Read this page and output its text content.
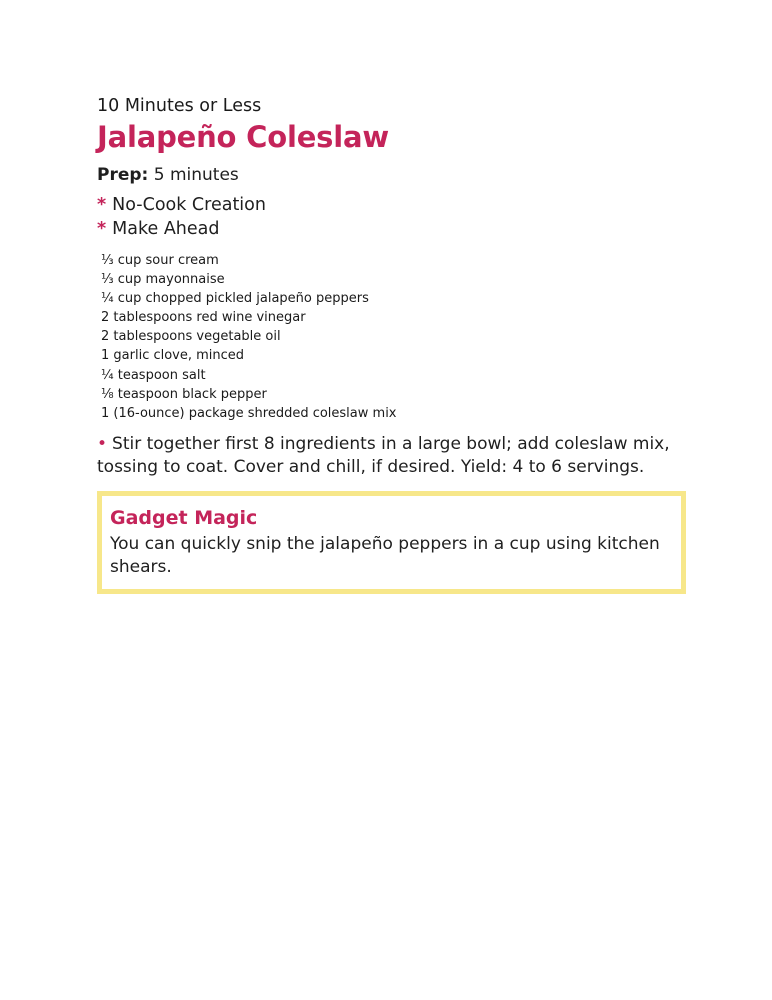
10 Minutes or Less

Jalapeño Coleslaw

Prep: 5 minutes

* No-Cook Creation
* Make Ahead
⅓ cup sour cream
⅓ cup mayonnaise
¼ cup chopped pickled jalapeño peppers
2 tablespoons red wine vinegar
2 tablespoons vegetable oil
1 garlic clove, minced
¼ teaspoon salt
⅛ teaspoon black pepper
1 (16-ounce) package shredded coleslaw mix

• Stir together first 8 ingredients in a large bowl; add coleslaw mix, tossing to coat. Cover and chill, if desired. Yield: 4 to 6 servings.

Gadget Magic

You can quickly snip the jalapeño peppers in a cup using kitchen shears.
